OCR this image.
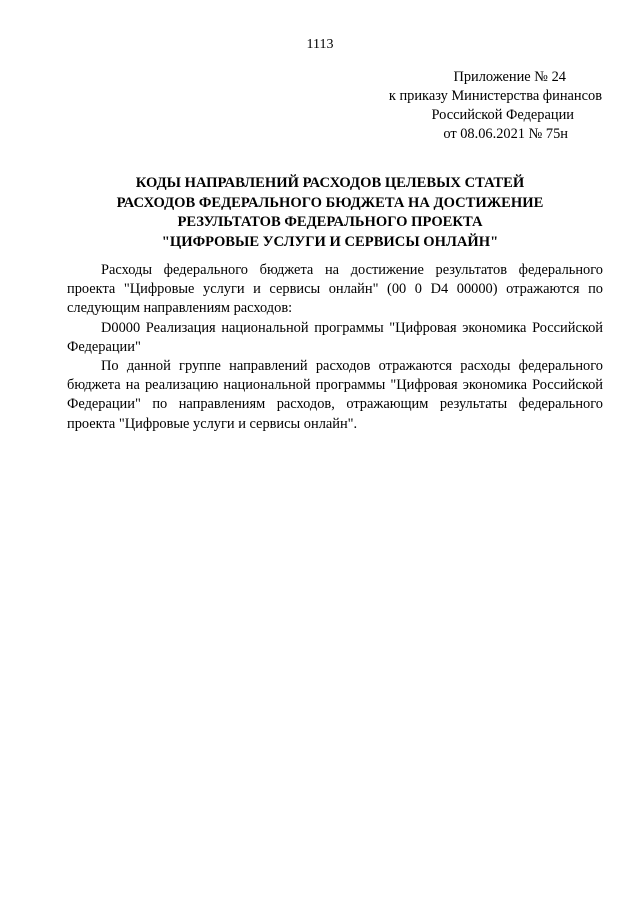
1113
Приложение № 24
к приказу Министерства финансов
Российской Федерации
от 08.06.2021 № 75н
КОДЫ НАПРАВЛЕНИЙ РАСХОДОВ ЦЕЛЕВЫХ СТАТЕЙ
РАСХОДОВ ФЕДЕРАЛЬНОГО БЮДЖЕТА НА ДОСТИЖЕНИЕ
РЕЗУЛЬТАТОВ ФЕДЕРАЛЬНОГО ПРОЕКТА
"ЦИФРОВЫЕ УСЛУГИ И СЕРВИСЫ ОНЛАЙН"

Расходы федерального бюджета на достижение результатов федерального проекта "Цифровые услуги и сервисы онлайн" (00 0 D4 00000) отражаются по следующим направлениям расходов:

D0000 Реализация национальной программы "Цифровая экономика Российской Федерации"

По данной группе направлений расходов отражаются расходы федерального бюджета на реализацию национальной программы "Цифровая экономика Российской Федерации" по направлениям расходов, отражающим результаты федерального проекта "Цифровые услуги и сервисы онлайн".
